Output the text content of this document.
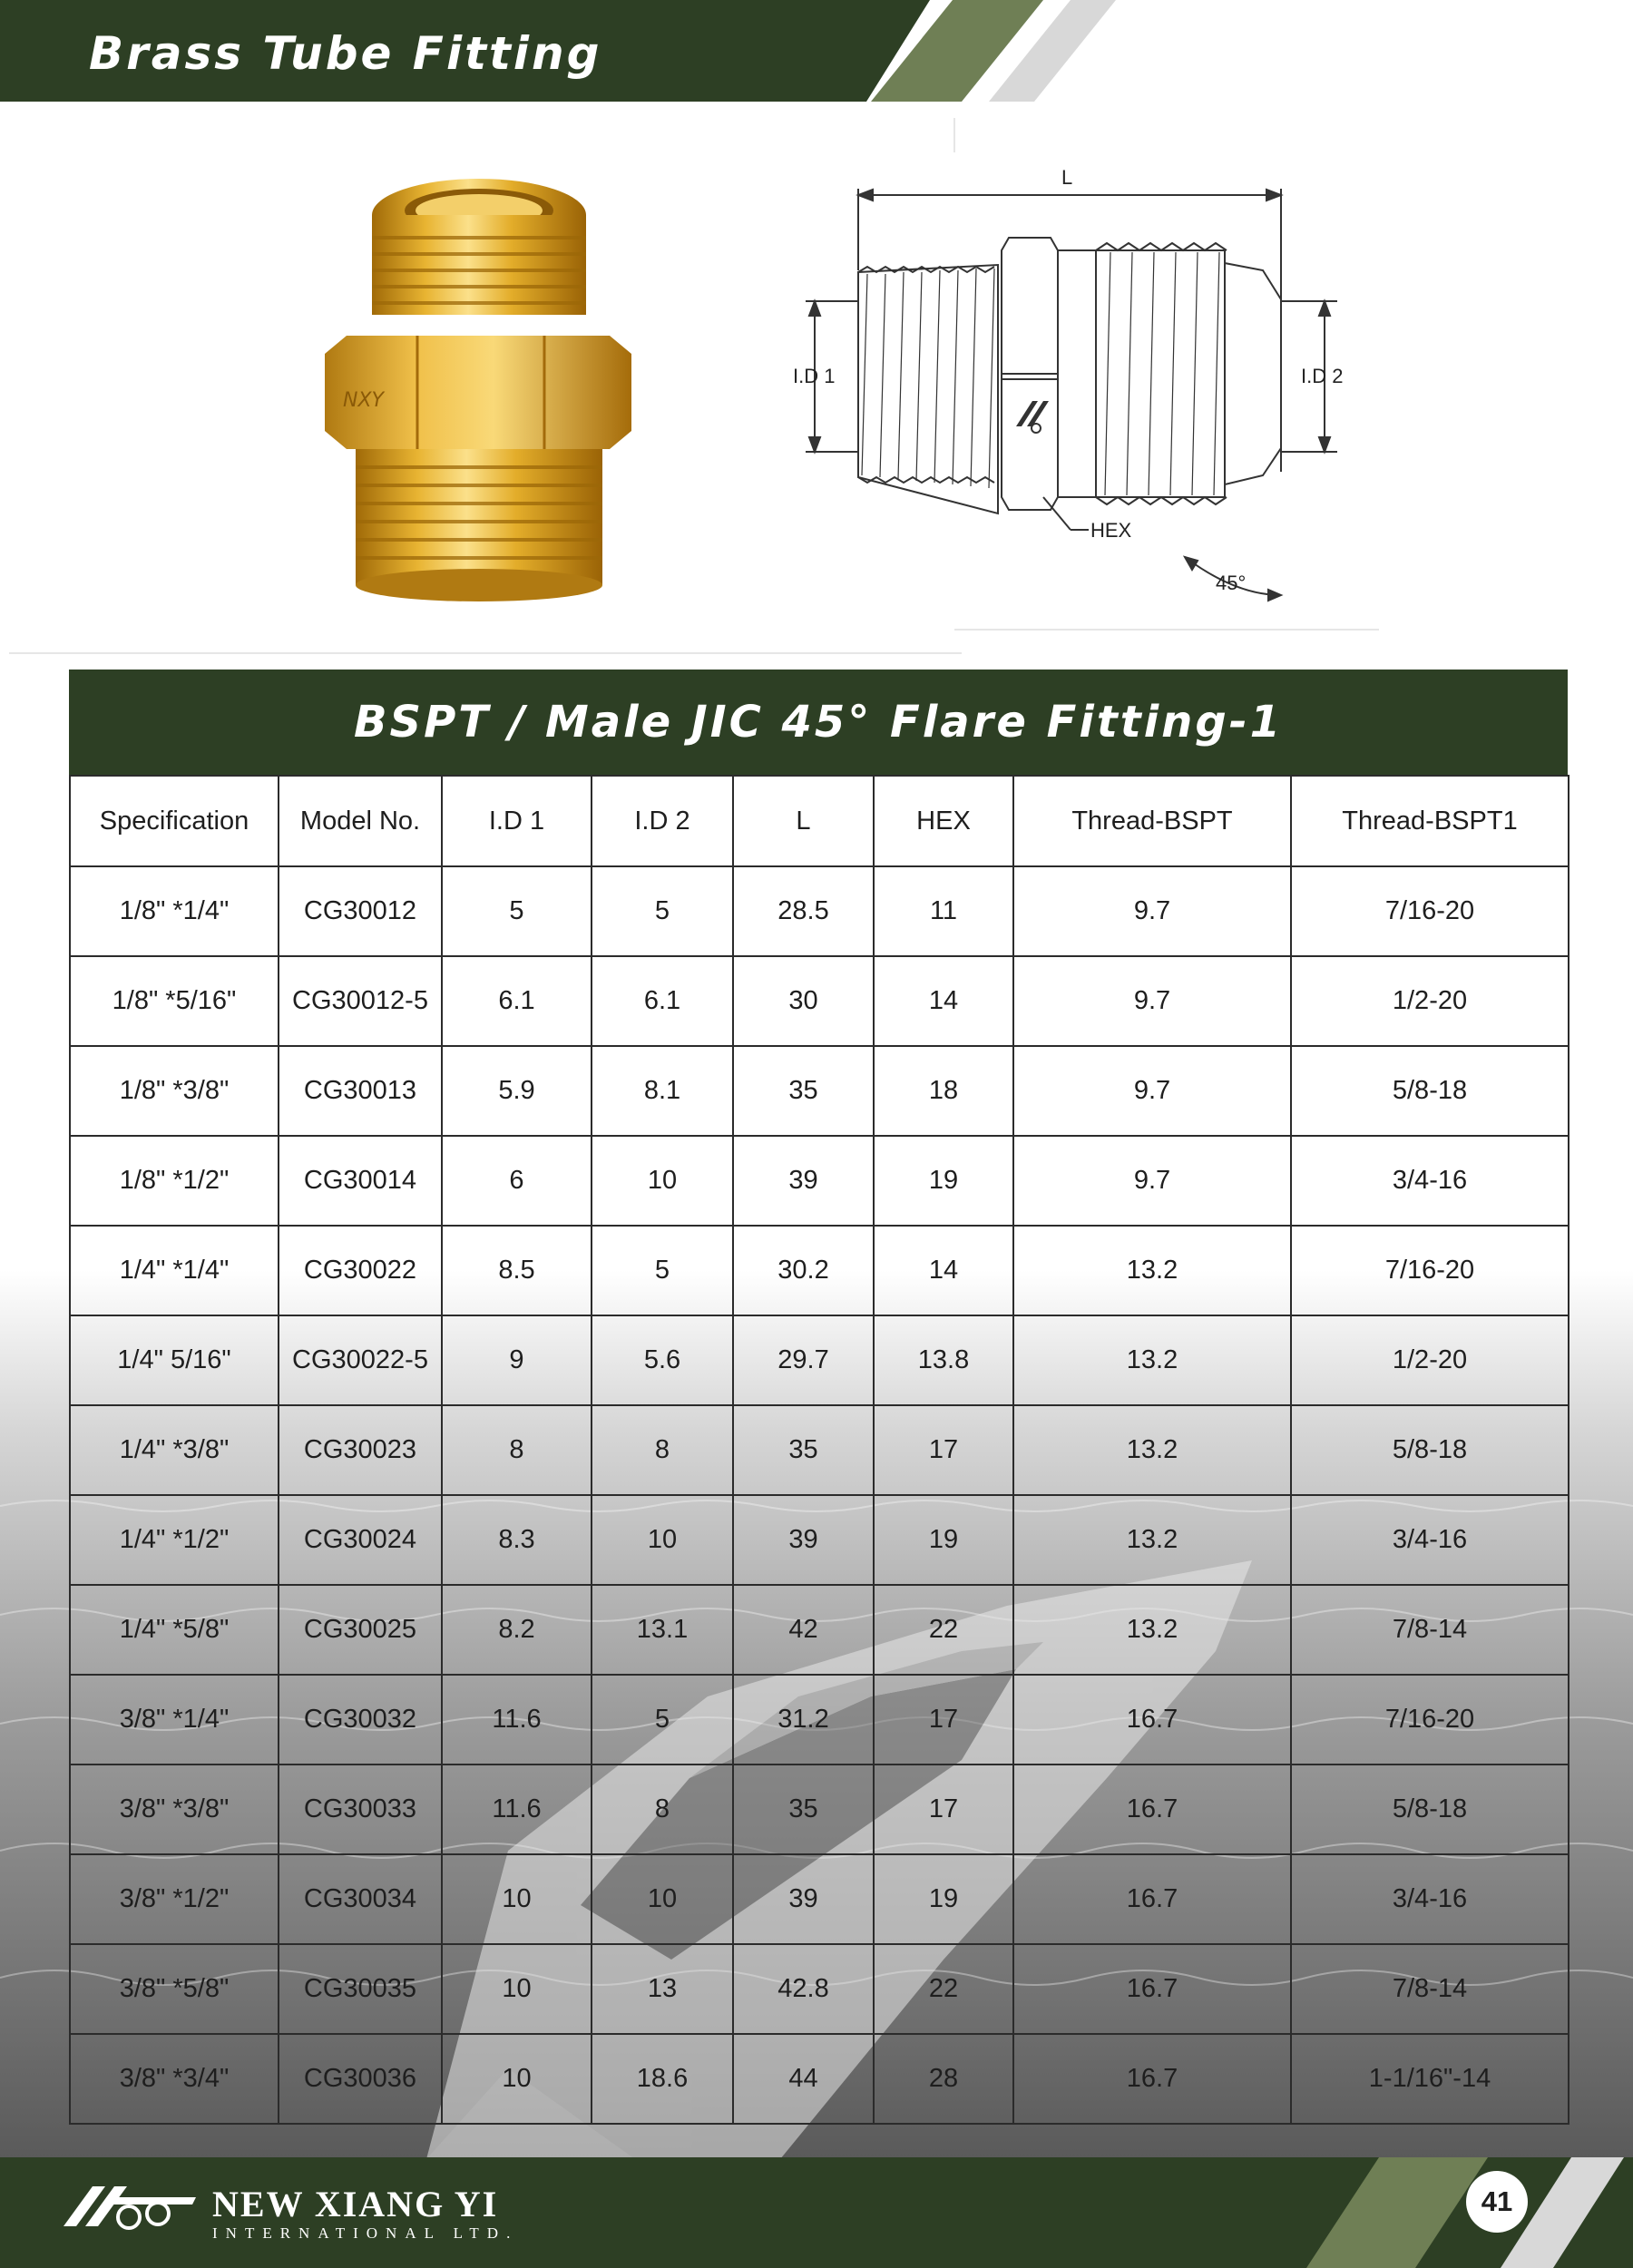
Brass Tube Fitting
NXY
L
I.D 1	I.D 2
HEX
45°
BSPT / Male JIC 45° Flare Fitting-1
Specification	Model No.	I.D 1	I.D 2	L	HEX	Thread-BSPT	Thread-BSPT1
1/8" *1/4"	CG30012	5	5	28.5	11	9.7	7/16-20
1/8" *5/16"	CG30012-5	6.1	6.1	30	14	9.7	1/2-20
1/8" *3/8"	CG30013	5.9	8.1	35	18	9.7	5/8-18
1/8" *1/2"	CG30014	6	10	39	19	9.7	3/4-16
1/4" *1/4"	CG30022	8.5	5	30.2	14	13.2	7/16-20
1/4" 5/16"	CG30022-5	9	5.6	29.7	13.8	13.2	1/2-20
1/4" *3/8"	CG30023	8	8	35	17	13.2	5/8-18
1/4" *1/2"	CG30024	8.3	10	39	19	13.2	3/4-16
1/4" *5/8"	CG30025	8.2	13.1	42	22	13.2	7/8-14
3/8" *1/4"	CG30032	11.6	5	31.2	17	16.7	7/16-20
3/8" *3/8"	CG30033	11.6	8	35	17	16.7	5/8-18
3/8" *1/2"	CG30034	10	10	39	19	16.7	3/4-16
3/8" *5/8"	CG30035	10	13	42.8	22	16.7	7/8-14
3/8" *3/4"	CG30036	10	18.6	44	28	16.7	1-1/16"-14
NEW XIANG YI
INTERNATIONAL LTD.
41
